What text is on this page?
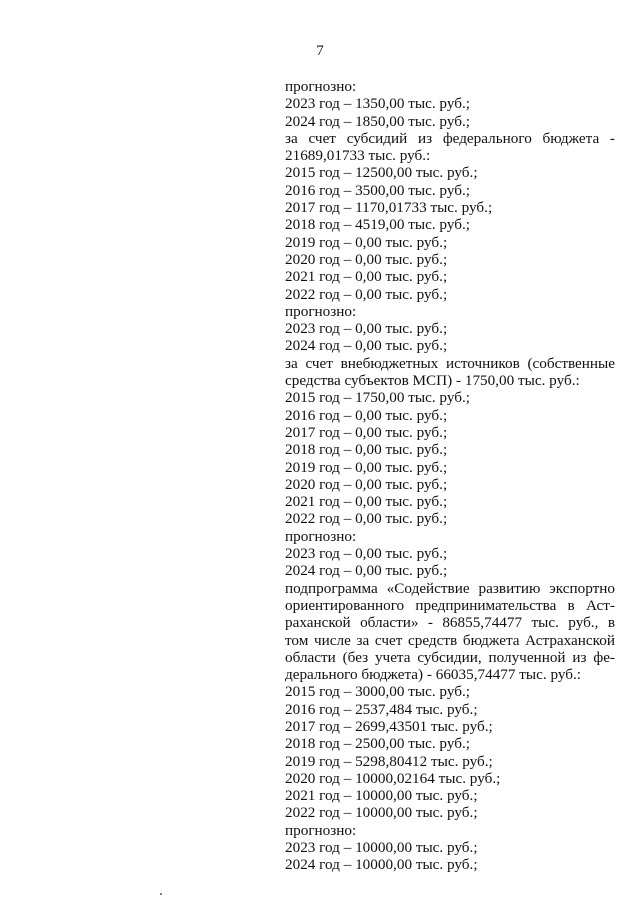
7
прогнозно:
2023 год – 1350,00 тыс. руб.;
2024 год – 1850,00 тыс. руб.;
за счет субсидий из федерального бюджета -
21689,01733 тыс. руб.:
2015 год – 12500,00 тыс. руб.;
2016 год – 3500,00 тыс. руб.;
2017 год – 1170,01733 тыс. руб.;
2018 год – 4519,00 тыс. руб.;
2019 год – 0,00 тыс. руб.;
2020 год – 0,00 тыс. руб.;
2021 год – 0,00 тыс. руб.;
2022 год – 0,00 тыс. руб.;
прогнозно:
2023 год – 0,00 тыс. руб.;
2024 год – 0,00 тыс. руб.;
за счет внебюджетных источников (собственные
средства субъектов МСП) - 1750,00 тыс. руб.:
2015 год – 1750,00 тыс. руб.;
2016 год – 0,00 тыс. руб.;
2017 год – 0,00 тыс. руб.;
2018 год – 0,00 тыс. руб.;
2019 год – 0,00 тыс. руб.;
2020 год – 0,00 тыс. руб.;
2021 год – 0,00 тыс. руб.;
2022 год – 0,00 тыс. руб.;
прогнозно:
2023 год – 0,00 тыс. руб.;
2024 год – 0,00 тыс. руб.;
подпрограмма «Содействие развитию экспортно
ориентированного предпринимательства в Аст-
раханской области» - 86855,74477 тыс. руб., в
том числе за счет средств бюджета Астраханской
области (без учета субсидии, полученной из фе-
дерального бюджета) - 66035,74477 тыс. руб.:
2015 год – 3000,00 тыс. руб.;
2016 год – 2537,484 тыс. руб.;
2017 год – 2699,43501 тыс. руб.;
2018 год – 2500,00 тыс. руб.;
2019 год – 5298,80412 тыс. руб.;
2020 год – 10000,02164 тыс. руб.;
2021 год – 10000,00 тыс. руб.;
2022 год – 10000,00 тыс. руб.;
прогнозно:
2023 год – 10000,00 тыс. руб.;
2024 год – 10000,00 тыс. руб.;
